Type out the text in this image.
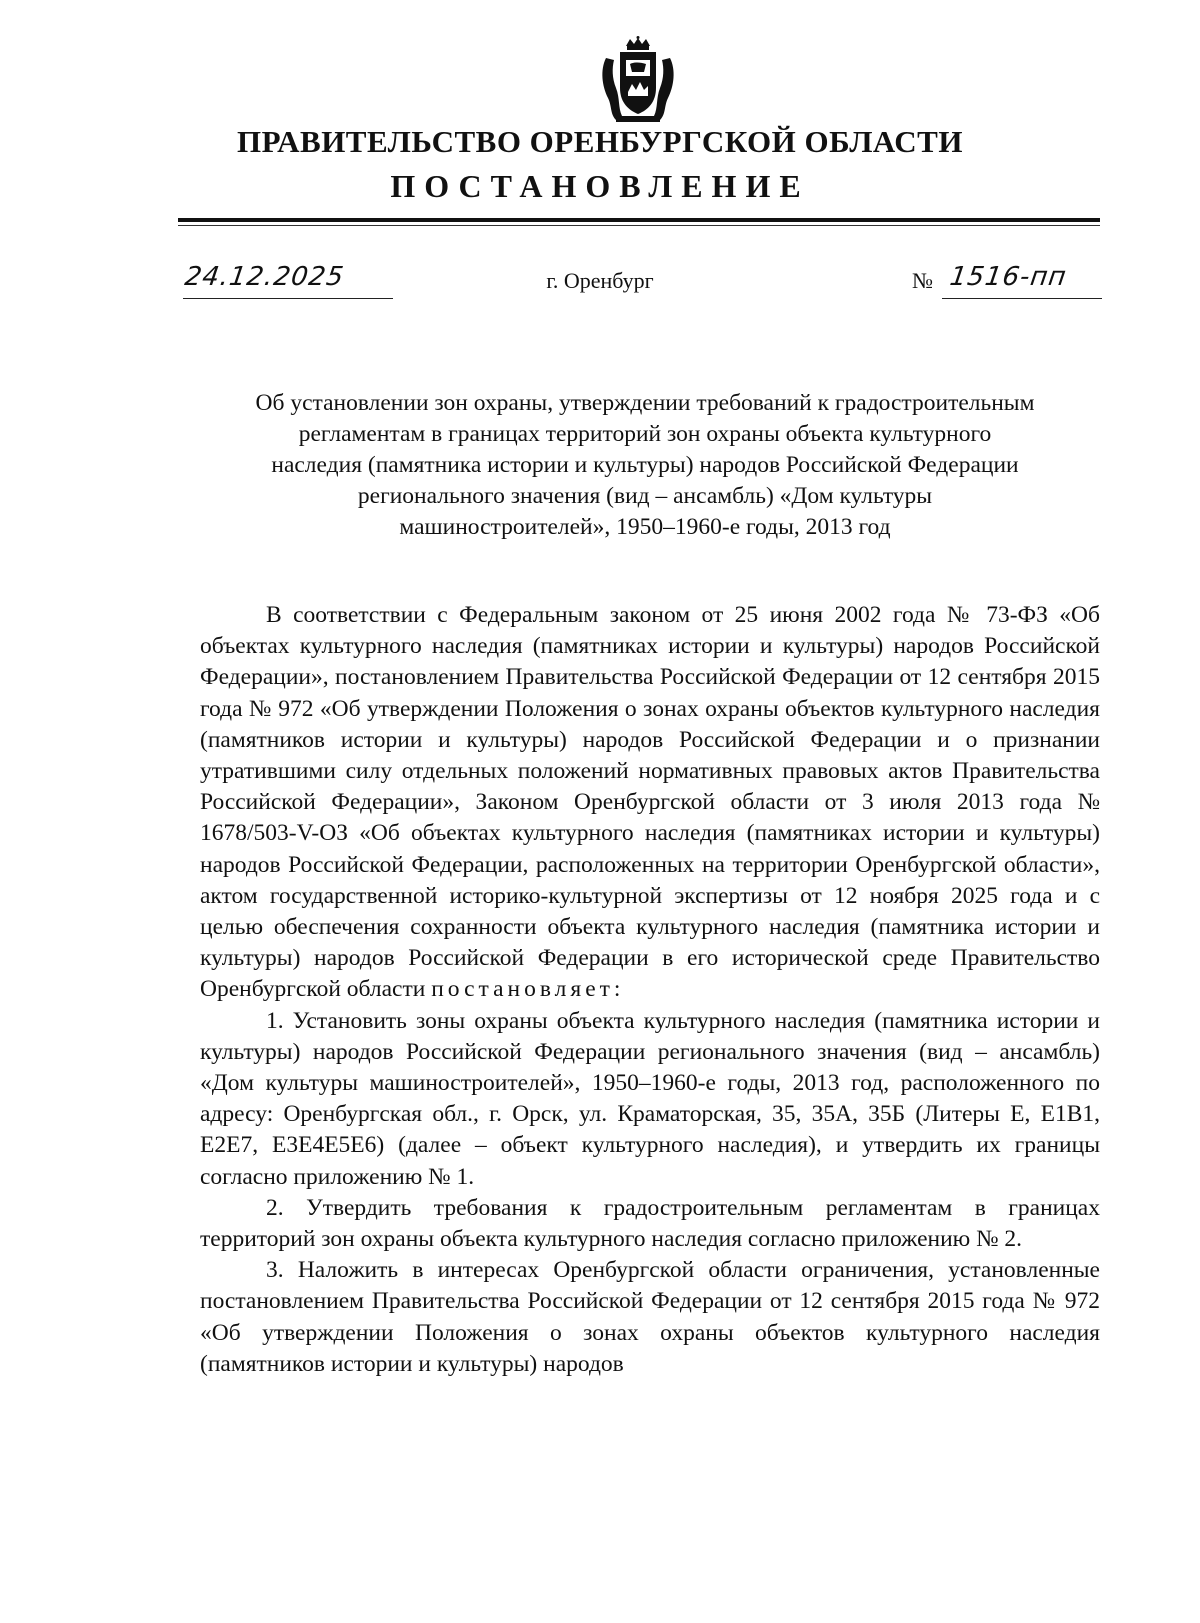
ПРАВИТЕЛЬСТВО ОРЕНБУРГСКОЙ ОБЛАСТИ
ПОСТАНОВЛЕНИЕ
24.12.2025	г. Оренбург	№ 1516-пп
Об установлении зон охраны, утверждении требований к градостроительным
регламентам в границах территорий зон охраны объекта культурного
наследия (памятника истории и культуры) народов Российской Федерации
регионального значения (вид – ансамбль) «Дом культуры
машиностроителей», 1950–1960-е годы, 2013 год

В соответствии с Федеральным законом от 25 июня 2002 года № 73-ФЗ «Об объектах культурного наследия (памятниках истории и культуры) народов Российской Федерации», постановлением Правительства Российской Федерации от 12 сентября 2015 года № 972 «Об утверждении Положения о зонах охраны объектов культурного наследия (памятников истории и культуры) народов Российской Федерации и о признании утратившими силу отдельных положений нормативных правовых актов Правительства Российской Федерации», Законом Оренбургской области от 3 июля 2013 года № 1678/503-V-ОЗ «Об объектах культурного наследия (памятниках истории и культуры) народов Российской Федерации, расположенных на территории Оренбургской области», актом государственной историко-культурной экспертизы от 12 ноября 2025 года и с целью обеспечения сохранности объекта культурного наследия (памятника истории и культуры) народов Российской Федерации в его исторической среде Правительство Оренбургской области постановляет:

1. Установить зоны охраны объекта культурного наследия (памятника истории и культуры) народов Российской Федерации регионального значения (вид – ансамбль) «Дом культуры машиностроителей», 1950–1960-е годы, 2013 год, расположенного по адресу: Оренбургская обл., г. Орск, ул. Краматорская, 35, 35А, 35Б (Литеры Е, Е1В1, Е2Е7, Е3Е4Е5Е6) (далее – объект культурного наследия), и утвердить их границы согласно приложению № 1.

2. Утвердить требования к градостроительным регламентам в границах территорий зон охраны объекта культурного наследия согласно приложению № 2.

3. Наложить в интересах Оренбургской области ограничения, установленные постановлением Правительства Российской Федерации от 12 сентября 2015 года № 972 «Об утверждении Положения о зонах охраны объектов культурного наследия (памятников истории и культуры) народов
